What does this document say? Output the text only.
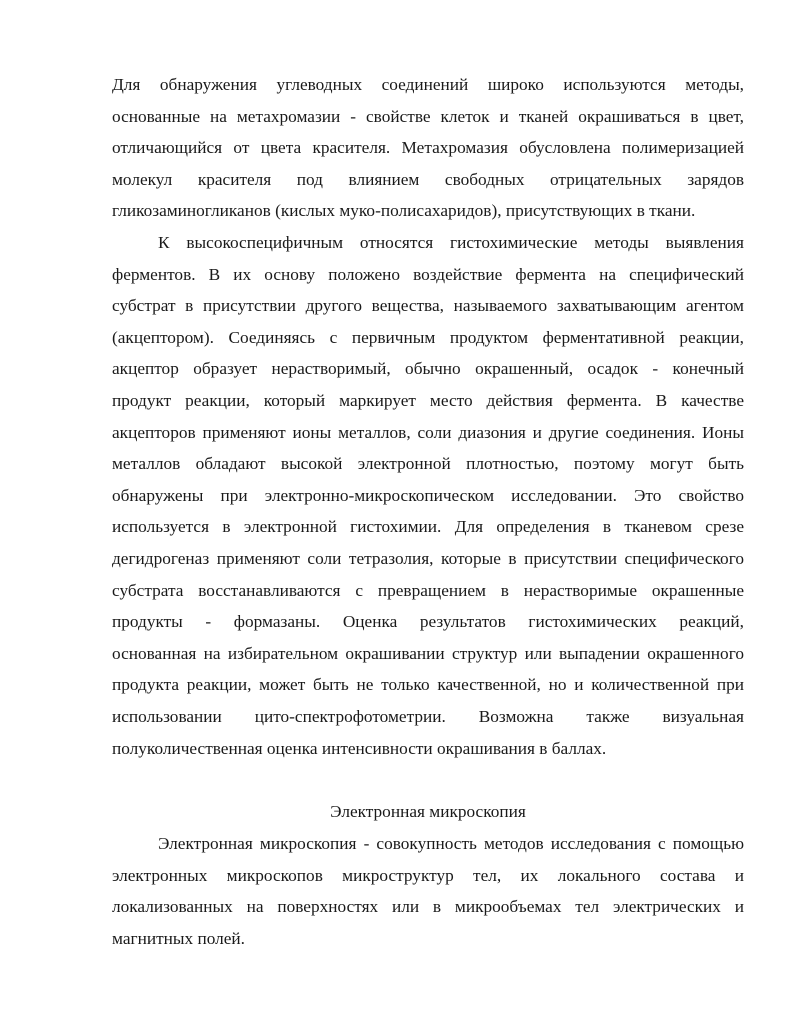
Для обнаружения углеводных соединений широко используются методы,
основанные на метахромазии - свойстве клеток и тканей окрашиваться в цвет,
отличающийся от цвета красителя. Метахромазия обусловлена полимеризацией
молекул красителя под влиянием свободных отрицательных зарядов
гликозаминогликанов (кислых муко-полисахаридов), присутствующих в ткани.
К высокоспецифичным относятся гистохимические методы выявления
ферментов. В их основу положено воздействие фермента на специфический
субстрат в присутствии другого вещества, называемого захватывающим агентом
(акцептором). Соединяясь с первичным продуктом ферментативной реакции,
акцептор образует нерастворимый, обычно окрашенный, осадок - конечный
продукт реакции, который маркирует место действия фермента. В качестве
акцепторов применяют ионы металлов, соли диазония и другие соединения. Ионы
металлов обладают высокой электронной плотностью, поэтому могут быть
обнаружены при электронно-микроскопическом исследовании. Это свойство
используется в электронной гистохимии. Для определения в тканевом срезе
дегидрогеназ применяют соли тетразолия, которые в присутствии специфического
субстрата восстанавливаются с превращением в нерастворимые окрашенные
продукты - формазаны. Оценка результатов гистохимических реакций,
основанная на избирательном окрашивании структур или выпадении окрашенного
продукта реакции, может быть не только качественной, но и количественной при
использовании цито-спектрофотометрии. Возможна также визуальная
полуколичественная оценка интенсивности окрашивания в баллах.
Электронная микроскопия
Электронная микроскопия - совокупность методов исследования с помощью
электронных микроскопов микроструктур тел, их локального состава и
локализованных на поверхностях или в микрообъемах тел электрических и
магнитных полей.
